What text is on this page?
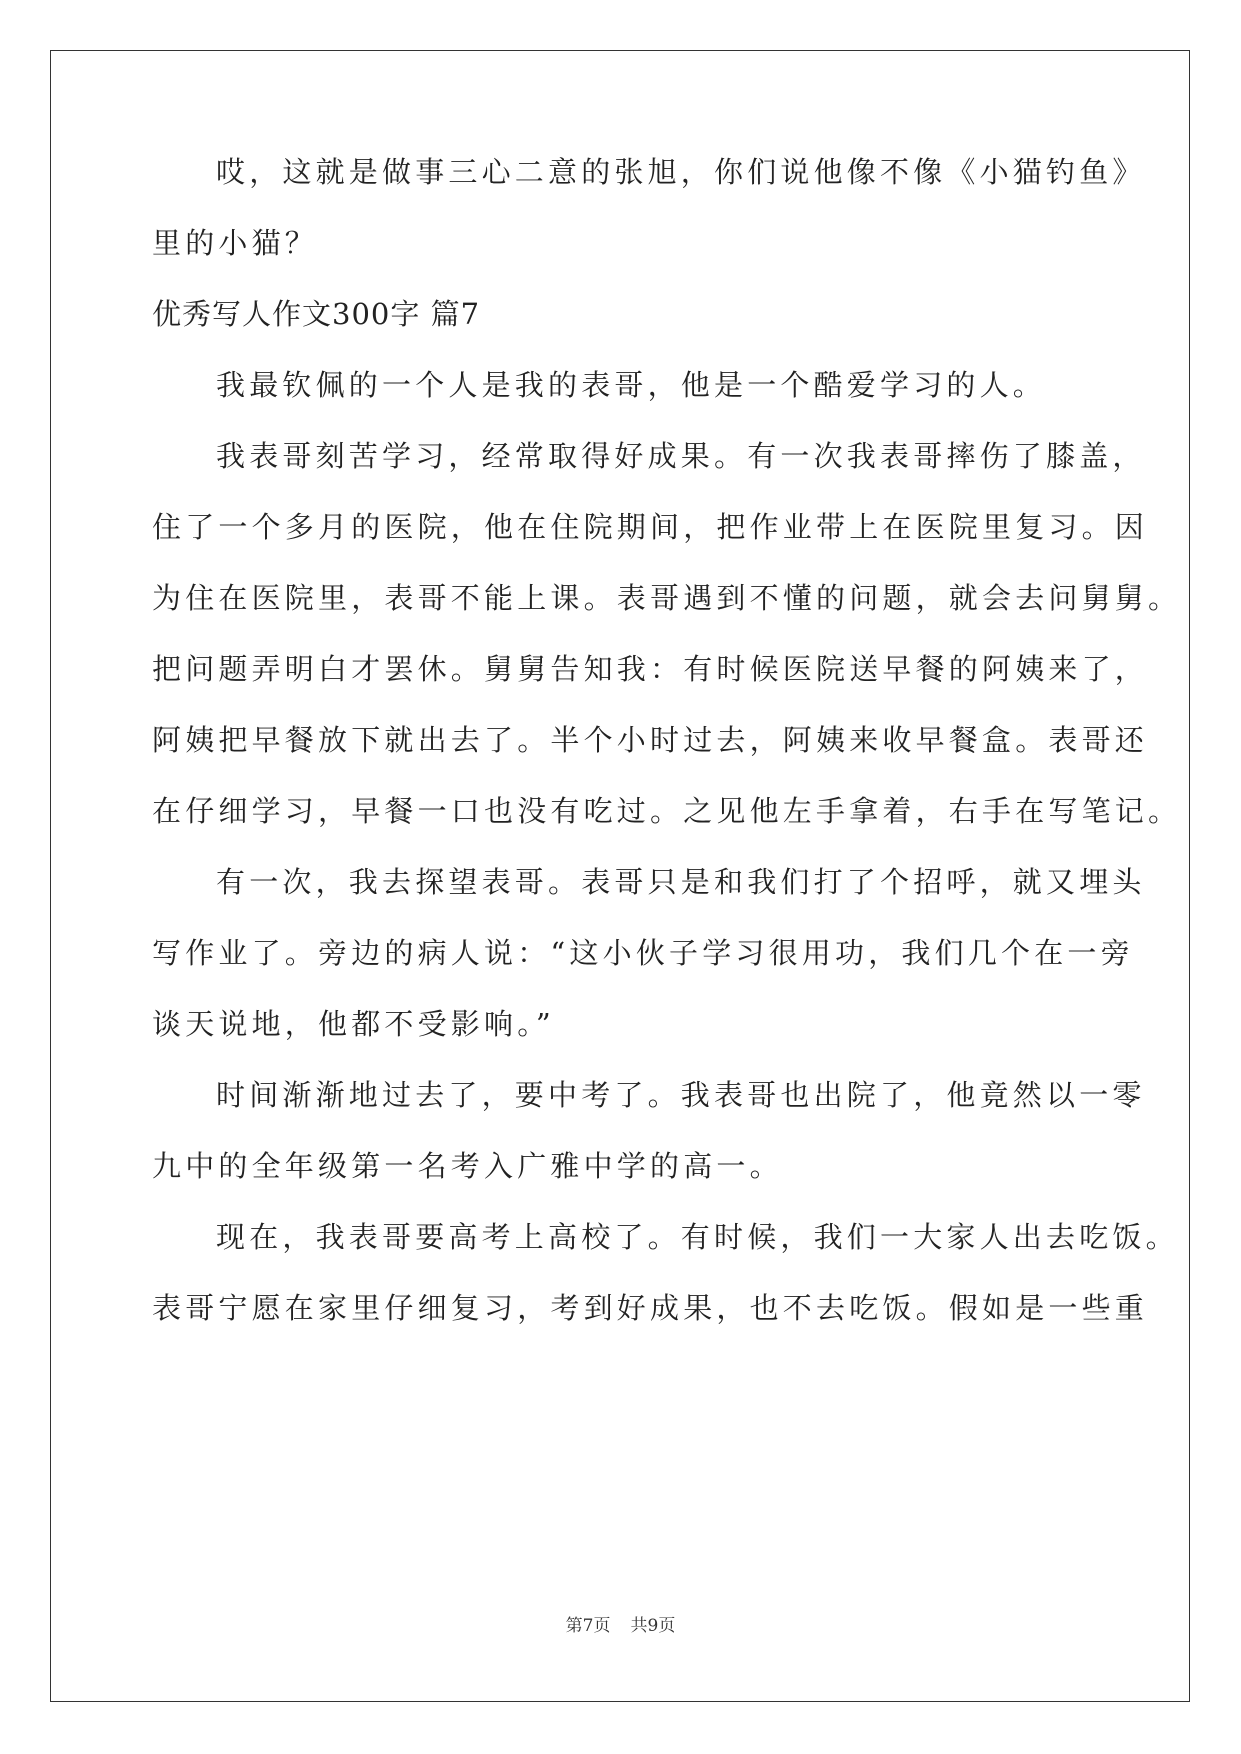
哎，这就是做事三心二意的张旭，你们说他像不像《小猫钓鱼》
里的小猫？
优秀写人作文300字 篇7
我最钦佩的一个人是我的表哥，他是一个酷爱学习的人。
我表哥刻苦学习，经常取得好成果。有一次我表哥摔伤了膝盖，
住了一个多月的医院，他在住院期间，把作业带上在医院里复习。因
为住在医院里，表哥不能上课。表哥遇到不懂的问题，就会去问舅舅。
把问题弄明白才罢休。舅舅告知我：有时候医院送早餐的阿姨来了，
阿姨把早餐放下就出去了。半个小时过去，阿姨来收早餐盒。表哥还
在仔细学习，早餐一口也没有吃过。之见他左手拿着，右手在写笔记。
有一次，我去探望表哥。表哥只是和我们打了个招呼，就又埋头
写作业了。旁边的病人说：“这小伙子学习很用功，我们几个在一旁
谈天说地，他都不受影响。”
时间渐渐地过去了，要中考了。我表哥也出院了，他竟然以一零
九中的全年级第一名考入广雅中学的高一。
现在，我表哥要高考上高校了。有时候，我们一大家人出去吃饭。
表哥宁愿在家里仔细复习，考到好成果，也不去吃饭。假如是一些重
第7页 共9页
